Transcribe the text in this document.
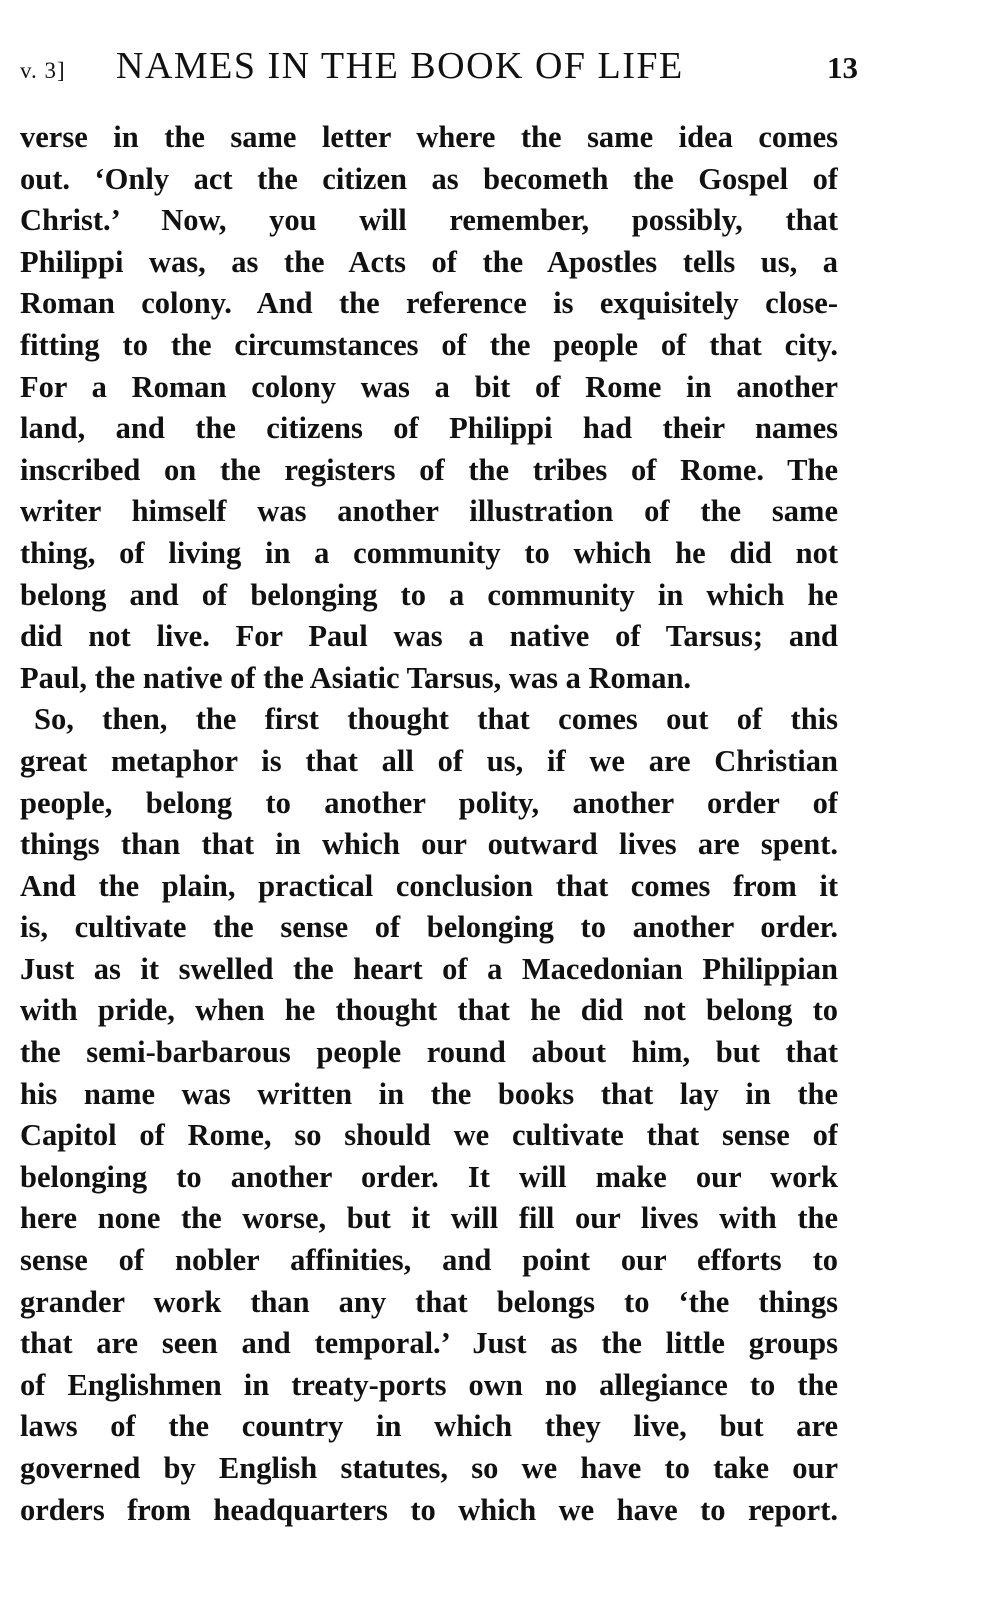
v. 3] NAMES IN THE BOOK OF LIFE	13
verse in the same letter where the same idea comes
out. ‘Only act the citizen as becometh the Gospel of
Christ.’ Now, you will remember, possibly, that
Philippi was, as the Acts of the Apostles tells us, a
Roman colony. And the reference is exquisitely close-
fitting to the circumstances of the people of that city.
For a Roman colony was a bit of Rome in another
land, and the citizens of Philippi had their names
inscribed on the registers of the tribes of Rome. The
writer himself was another illustration of the same
thing, of living in a community to which he did not
belong and of belonging to a community in which he
did not live. For Paul was a native of Tarsus; and
Paul, the native of the Asiatic Tarsus, was a Roman.
So, then, the first thought that comes out of this
great metaphor is that all of us, if we are Christian
people, belong to another polity, another order of
things than that in which our outward lives are spent.
And the plain, practical conclusion that comes from it
is, cultivate the sense of belonging to another order.
Just as it swelled the heart of a Macedonian Philippian
with pride, when he thought that he did not belong to
the semi-barbarous people round about him, but that
his name was written in the books that lay in the
Capitol of Rome, so should we cultivate that sense of
belonging to another order. It will make our work
here none the worse, but it will fill our lives with the
sense of nobler affinities, and point our efforts to
grander work than any that belongs to ‘the things
that are seen and temporal.’ Just as the little groups
of Englishmen in treaty-ports own no allegiance to the
laws of the country in which they live, but are
governed by English statutes, so we have to take our
orders from headquarters to which we have to report.
